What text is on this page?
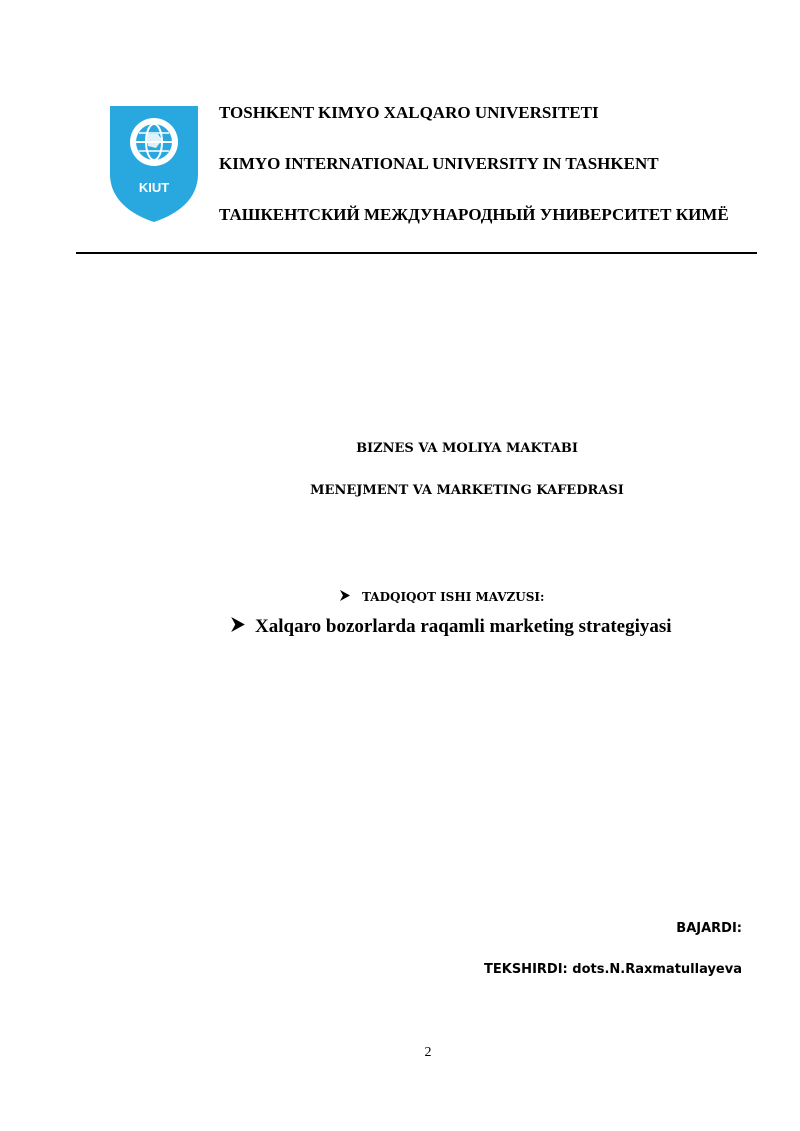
KIUT

TOSHKENT KIMYO XALQARO UNIVERSITETI

KIMYO INTERNATIONAL UNIVERSITY IN TASHKENT

ТАШКЕНТСКИЙ МЕЖДУНАРОДНЫЙ УНИВЕРСИТЕТ КИМЁ

BIZNES VA MOLIYA MAKTABI

MENEJMENT VA MARKETING KAFEDRASI

TADQIQOT ISHI MAVZUSI:

Xalqaro bozorlarda raqamli marketing strategiyasi

BAJARDI:

TEKSHIRDI: dots.N.Raxmatullayeva

2
